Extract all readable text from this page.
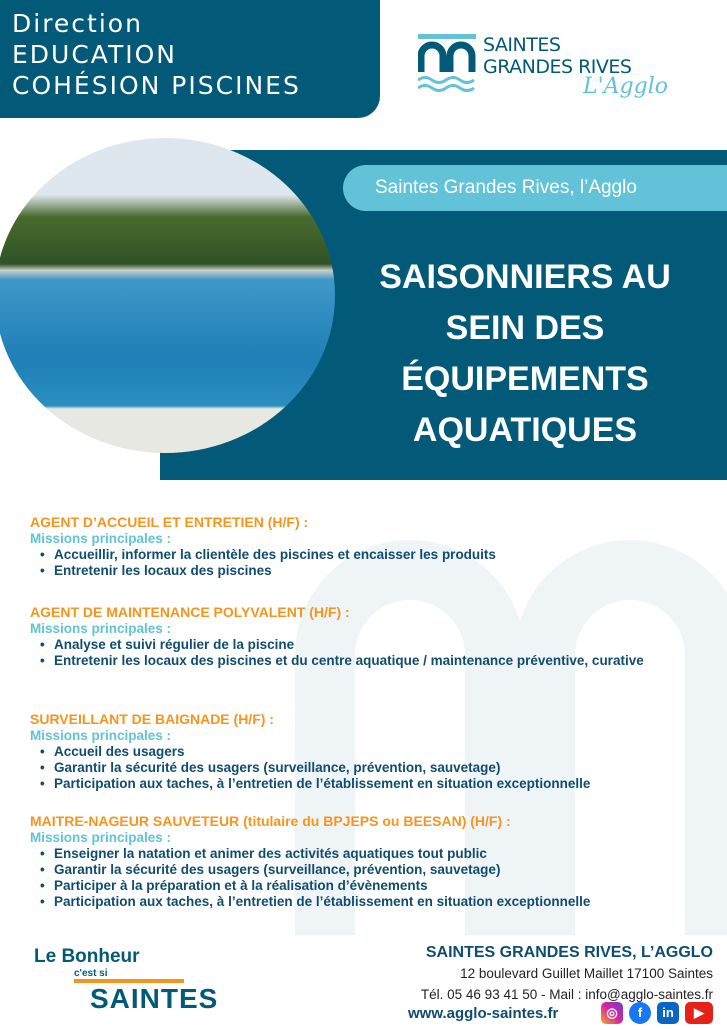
Direction
EDUCATION
COHÉSION PISCINES
SAINTES
GRANDES RIVES
L'Agglo
Saintes Grandes Rives, l’Agglo
SAISONNIERS AU
SEIN DES
ÉQUIPEMENTS
AQUATIQUES
AGENT D’ACCUEIL ET ENTRETIEN (H/F) :
Missions principales :
• Accueillir, informer la clientèle des piscines et encaisser les produits
• Entretenir les locaux des piscines
AGENT DE MAINTENANCE POLYVALENT (H/F) :
Missions principales :
• Analyse et suivi régulier de la piscine
• Entretenir les locaux des piscines et du centre aquatique / maintenance préventive, curative
SURVEILLANT DE BAIGNADE (H/F) :
Missions principales :
• Accueil des usagers
• Garantir la sécurité des usagers (surveillance, prévention, sauvetage)
• Participation aux taches, à l’entretien de l’établissement en situation exceptionnelle
MAITRE-NAGEUR SAUVETEUR (titulaire du BPJEPS ou BEESAN) (H/F) :
Missions principales :
• Enseigner la natation et animer des activités aquatiques tout public
• Garantir la sécurité des usagers (surveillance, prévention, sauvetage)
• Participer à la préparation et à la réalisation d’évènements
• Participation aux taches, à l’entretien de l’établissement en situation exceptionnelle
Le Bonheur
c'est si
SAINTES
SAINTES GRANDES RIVES, L’AGGLO
12 boulevard Guillet Maillet 17100 Saintes
Tél. 05 46 93 41 50 - Mail : info@agglo-saintes.fr
www.agglo-saintes.fr	◎	f	in	▶
